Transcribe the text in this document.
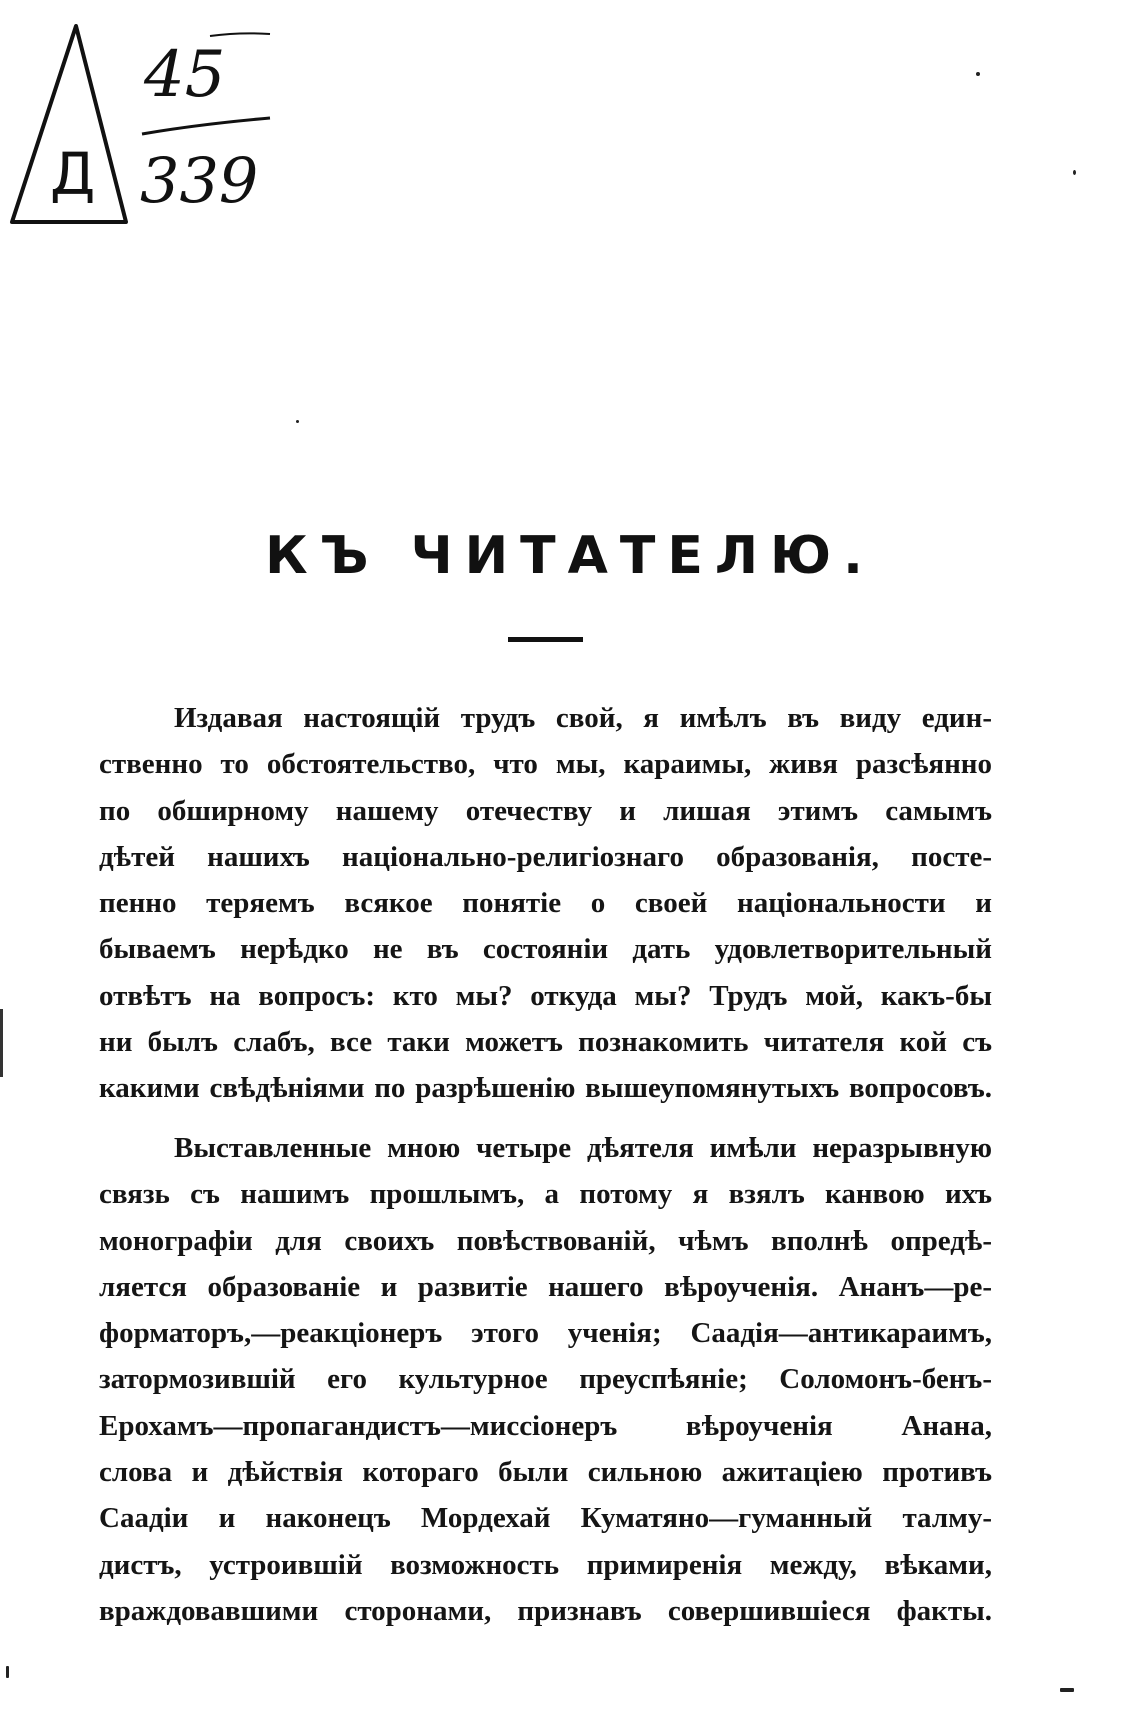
Д
45
339
КЪ ЧИТАТЕЛЮ.
Издавая настоящій трудъ свой, я имѣлъ въ виду един-
ственно то обстоятельство, что мы, караимы, живя разсѣянно
по обширному нашему отечеству и лишая этимъ самымъ
дѣтей нашихъ національно-религіознаго образованія, посте-
пенно теряемъ всякое понятіе о своей національности и
бываемъ нерѣдко не въ состояніи дать удовлетворительный
отвѣтъ на вопросъ: кто мы? откуда мы? Трудъ мой, какъ-бы
ни былъ слабъ, все таки можетъ познакомить читателя кой съ
какими свѣдѣніями по разрѣшенію вышеупомянутыхъ вопросовъ.
Выставленные мною четыре дѣятеля имѣли неразрывную
связь съ нашимъ прошлымъ, а потому я взялъ канвою ихъ
монографіи для своихъ повѣствованій, чѣмъ вполнѣ опредѣ-
ляется образованіе и развитіе нашего вѣроученія. Ананъ—ре-
форматоръ,—реакціонеръ этого ученія; Саадія—антикараимъ,
затормозившій его культурное преуспѣяніе; Соломонъ-бенъ-
Ерохамъ—пропагандистъ—миссіонеръ вѣроученія Анана,
слова и дѣйствія котораго были сильною ажитаціею противъ
Саадіи и наконецъ Мордехай Куматяно—гуманный талму-
дистъ, устроившій возможность примиренія между, вѣками,
враждовавшими сторонами, признавъ совершившіеся факты.
